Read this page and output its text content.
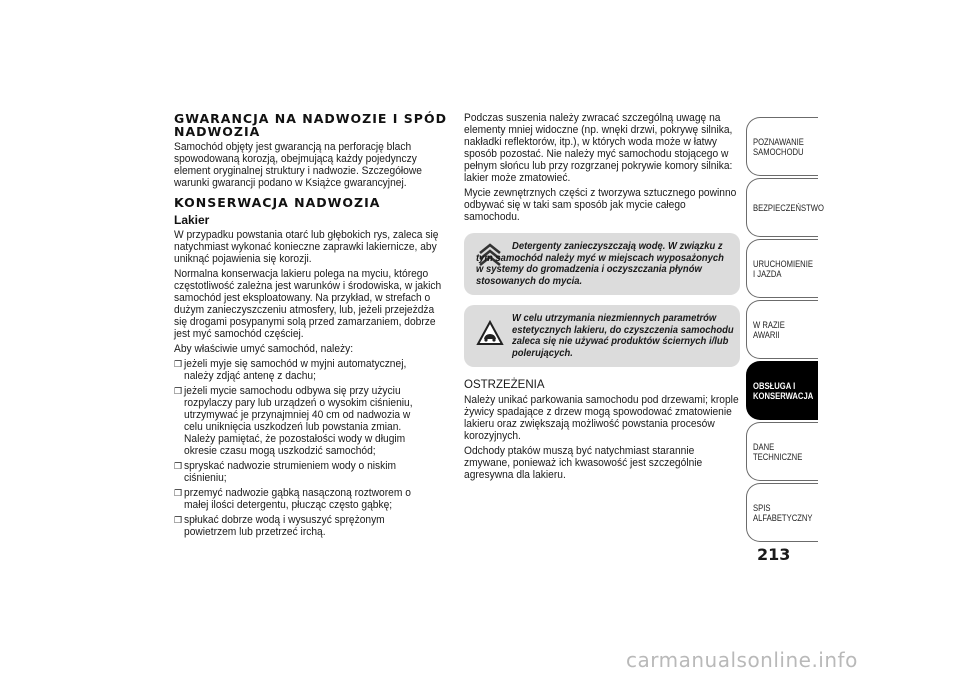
GWARANCJA NA NADWOZIE I SPÓD NADWOZIA

Samochód objęty jest gwarancją na perforację blach spowodowaną korozją, obejmującą każdy pojedynczy element oryginalnej struktury i nadwozie. Szczegółowe warunki gwarancji podano w Książce gwarancyjnej.

KONSERWACJA NADWOZIA
Lakier

W przypadku powstania otarć lub głębokich rys, zaleca się natychmiast wykonać konieczne zaprawki lakiernicze, aby uniknąć pojawienia się korozji.

Normalna konserwacja lakieru polega na myciu, którego częstotliwość zależna jest warunków i środowiska, w jakich samochód jest eksploatowany. Na przykład, w strefach o dużym zanieczyszczeniu atmosfery, lub, jeżeli przejeżdża się drogami posypanymi solą przed zamarzaniem, dobrze jest myć samochód częściej.

Aby właściwie umyć samochód, należy:

❒ jeżeli myje się samochód w myjni automatycznej, należy zdjąć antenę z dachu;
❒ jeżeli mycie samochodu odbywa się przy użyciu rozpylaczy pary lub urządzeń o wysokim ciśnieniu, utrzymywać je przynajmniej 40 cm od nadwozia w celu uniknięcia uszkodzeń lub powstania zmian. Należy pamiętać, że pozostałości wody w długim okresie czasu mogą uszkodzić samochód;
❒ spryskać nadwozie strumieniem wody o niskim ciśnieniu;
❒ przemyć nadwozie gąbką nasączoną roztworem o małej ilości detergentu, płucząc często gąbkę;
❒ spłukać dobrze wodą i wysuszyć sprężonym powietrzem lub przetrzeć irchą.

Podczas suszenia należy zwracać szczególną uwagę na elementy mniej widoczne (np. wnęki drzwi, pokrywę silnika, nakładki reflektorów, itp.), w których woda może w łatwy sposób pozostać. Nie należy myć samochodu stojącego w pełnym słońcu lub przy rozgrzanej pokrywie komory silnika: lakier może zmatowieć.

Mycie zewnętrznych części z tworzywa sztucznego powinno odbywać się w taki sam sposób jak mycie całego samochodu.

Detergenty zanieczyszczają wodę. W związku z tym samochód należy myć w miejscach wyposażonych w systemy do gromadzenia i oczyszczania płynów stosowanych do mycia.
W celu utrzymania niezmiennych parametrów estetycznych lakieru, do czyszczenia samochodu zaleca się nie używać produktów ściernych i/lub polerujących.
OSTRZEŻENIA

Należy unikać parkowania samochodu pod drzewami; krople żywicy spadające z drzew mogą spowodować zmatowienie lakieru oraz zwiększają możliwość powstania procesów korozyjnych.

Odchody ptaków muszą być natychmiast starannie zmywane, ponieważ ich kwasowość jest szczególnie agresywna dla lakieru.

POZNAWANIE SAMOCHODU
BEZPIECZEŃSTWO
URUCHOMIENIE I JAZDA
W RAZIE AWARII
OBSŁUGA I KONSERWACJA
DANE TECHNICZNE
SPIS ALFABETYCZNY
213
carmanualsonline.info
